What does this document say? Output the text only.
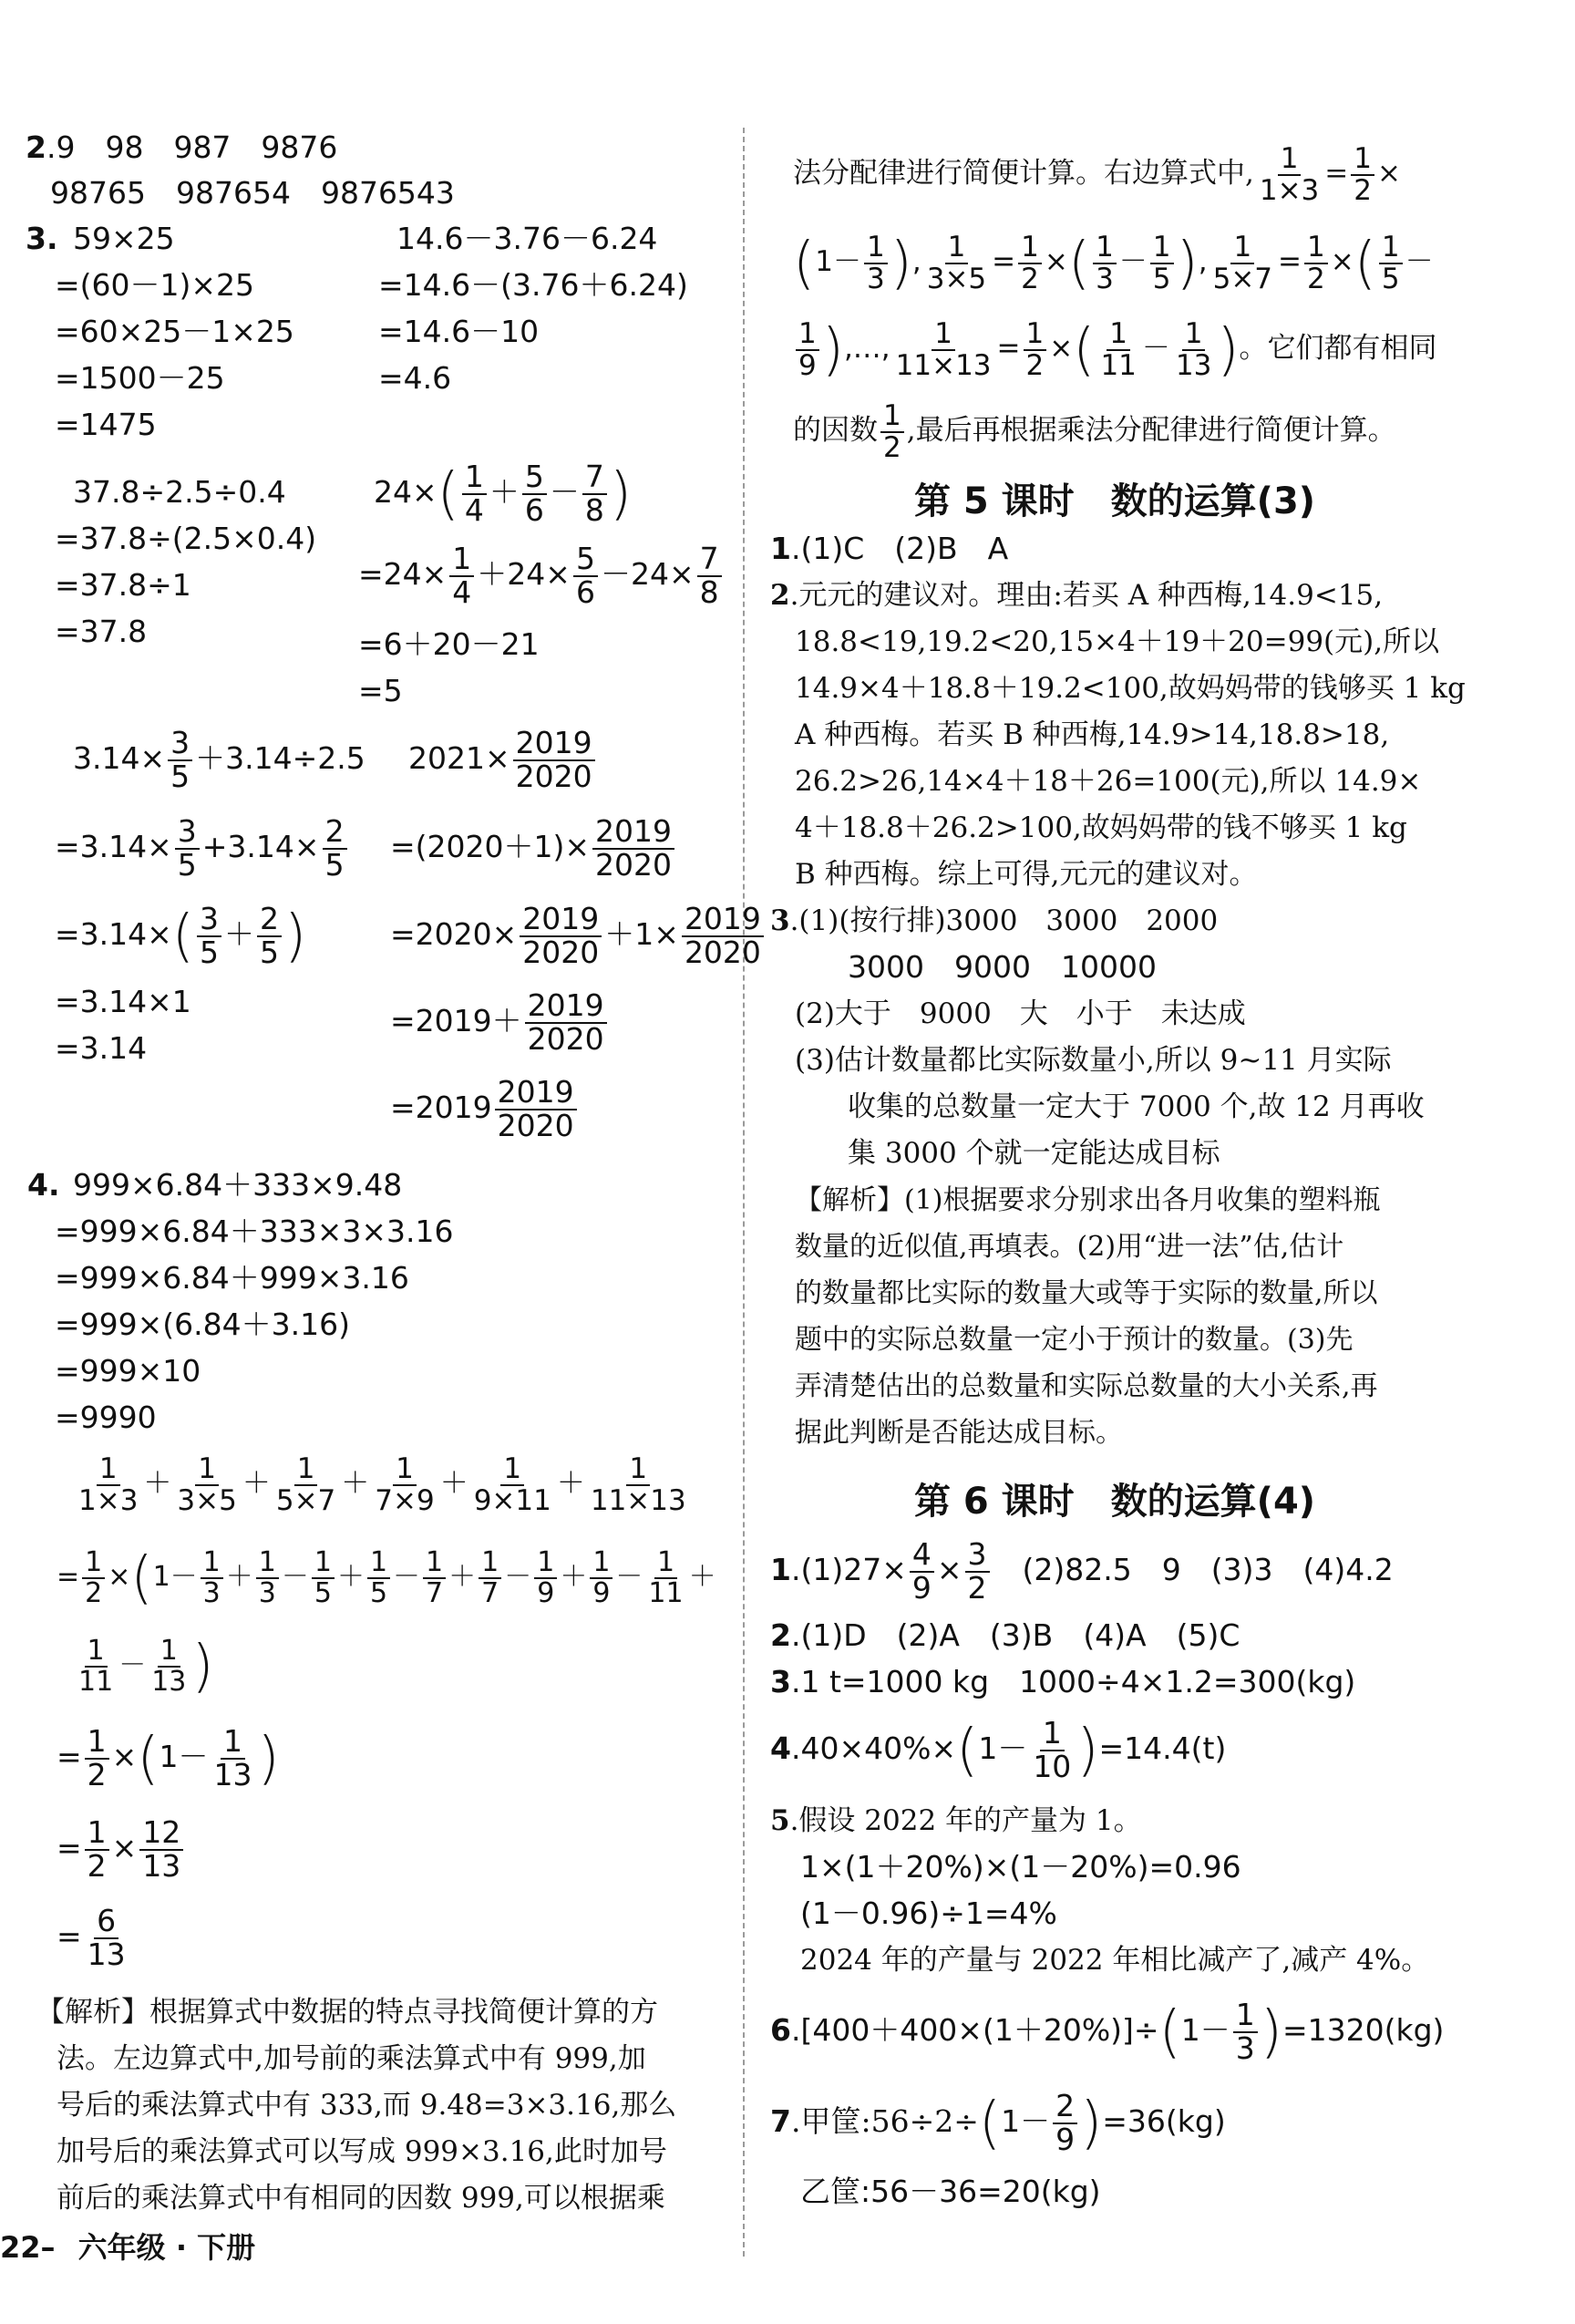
2.9　98　987　9876
98765　987654　9876543
3. 59×25
=(60－1)×25
=60×25－1×25
=1500－25
=1475
14.6－3.76－6.24
=14.6－(3.76＋6.24)
=14.6－10
=4.6
37.8÷2.5÷0.4
=37.8÷(2.5×0.4)
=37.8÷1
=37.8
$24\times( \frac{1}{4} + \frac{5}{6} - \frac{7}{8}$ )
$=24\times \frac{1}{4} +24\times \frac{5}{6} -24\times \frac{7}{8}$
=6＋20－21
=5
$3.14\times \frac{3}{5} +3.14\div 2.5$
$=3.14\times \frac{3}{5} +3.14\times \frac{2}{5}$
$=3.14\times( \frac{3}{5} + \frac{2}{5}$ )
=3.14×1
=3.14
$2021\times \frac{2019}{2020}$
$=(2020+1)\times \frac{2019}{2020}$
$=2020\times \frac{2019}{2020} +1\times \frac{2019}{2020}$
$=2019+ \frac{2019}{2020}$
$=2019 \frac{2019}{2020}$
4. 999×6.84＋333×9.48
=999×6.84＋333×3×3.16
=999×6.84＋999×3.16
=999×(6.84＋3.16)
=999×10
=9990
$\frac{1}{1\times 3} + \frac{1}{3\times 5} + \frac{1}{5\times 7} + \frac{1}{7\times 9} + \frac{1}{9\times 11} + \frac{1}{11\times 13}$
= $\frac{1}{2} \times(1- \frac{1}{3} + \frac{1}{3} - \frac{1}{5} + \frac{1}{5} - \frac{1}{7} + \frac{1}{7} - \frac{1}{9} + \frac{1}{9} - \frac{1}{11}$ ＋
$\frac{1}{11} - \frac{1}{13}$ )
= $\frac{1}{2} \times(1- \frac{1}{13}$ )
= $\frac{1}{2} \times \frac{12}{13}$
= $\frac{6}{13}$
【解析】根据算式中数据的特点寻找简便计算的方
法。左边算式中,加号前的乘法算式中有 999,加
号后的乘法算式中有 333,而 9.48=3×3.16,那么
加号后的乘法算式可以写成 999×3.16,此时加号
前后的乘法算式中有相同的因数 999,可以根据乘
法分配律进行简便计算。右边算式中, $\frac{1}{1\times 3} = \frac{1}{2}$ ×
($1- \frac{1}{3}$ ), $\frac{1}{3\times 5} = \frac{1}{2}$ ×( $\frac{1}{3} - \frac{1}{5}$ ), $\frac{1}{5\times 7} = \frac{1}{2}$ ×( $\frac{1}{5}$ －
$\frac{1}{9}$ ),…, $\frac{1}{11\times 13} = \frac{1}{2}$ ×( $\frac{1}{11} - \frac{1}{13}$ )。它们都有相同
的因数 $\frac{1}{2}$ ,最后再根据乘法分配律进行简便计算。
第 5 课时　数的运算(3)
1.(1)C　(2)B　A
2.元元的建议对。理由:若买 A 种西梅,14.9<15,
18.8<19,19.2<20,15×4＋19＋20=99(元),所以
14.9×4＋18.8＋19.2<100,故妈妈带的钱够买 1 kg
A 种西梅。若买 B 种西梅,14.9>14,18.8>18,
26.2>26,14×4＋18＋26=100(元),所以 14.9×
4＋18.8＋26.2>100,故妈妈带的钱不够买 1 kg
B 种西梅。综上可得,元元的建议对。
3.(1)(按行排)3000　3000　2000
3000　9000　10000
(2)大于　9000　大　小于　未达成
(3)估计数量都比实际数量小,所以 9~11 月实际
收集的总数量一定大于 7000 个,故 12 月再收
集 3000 个就一定能达成目标
【解析】(1)根据要求分别求出各月收集的塑料瓶
数量的近似值,再填表。(2)用“进一法”估,估计
的数量都比实际的数量大或等于实际的数量,所以
题中的实际总数量一定小于预计的数量。(3)先
弄清楚估出的总数量和实际总数量的大小关系,再
据此判断是否能达成目标。
第 6 课时　数的运算(4)
$1.(1)27\times \frac{4}{9} \times \frac{3}{2}$
　 (2)82.5　9　(3)3　(4)4.2
2.(1)D　(2)A　(3)B　(4)A　(5)C
3.1 t=1000 kg　1000÷4×1.2=300(kg)
$4.40\times 40\%\times(1- \frac{1}{10} )=14.4(t)$
5.假设 2022 年的产量为 1。
1×(1＋20%)×(1－20%)=0.96
(1－0.96)÷1=4%
2024 年的产量与 2022 年相比减产了,减产 4%。
$6.[400+400\times(1+20\%)]\div(1- \frac{1}{3} )=1320(kg)$
7.甲筐:56÷2÷(1－ $\frac{2}{9} )=36(kg)$
乙筐:56－36=20(kg)
22– 六年级 · 下册
